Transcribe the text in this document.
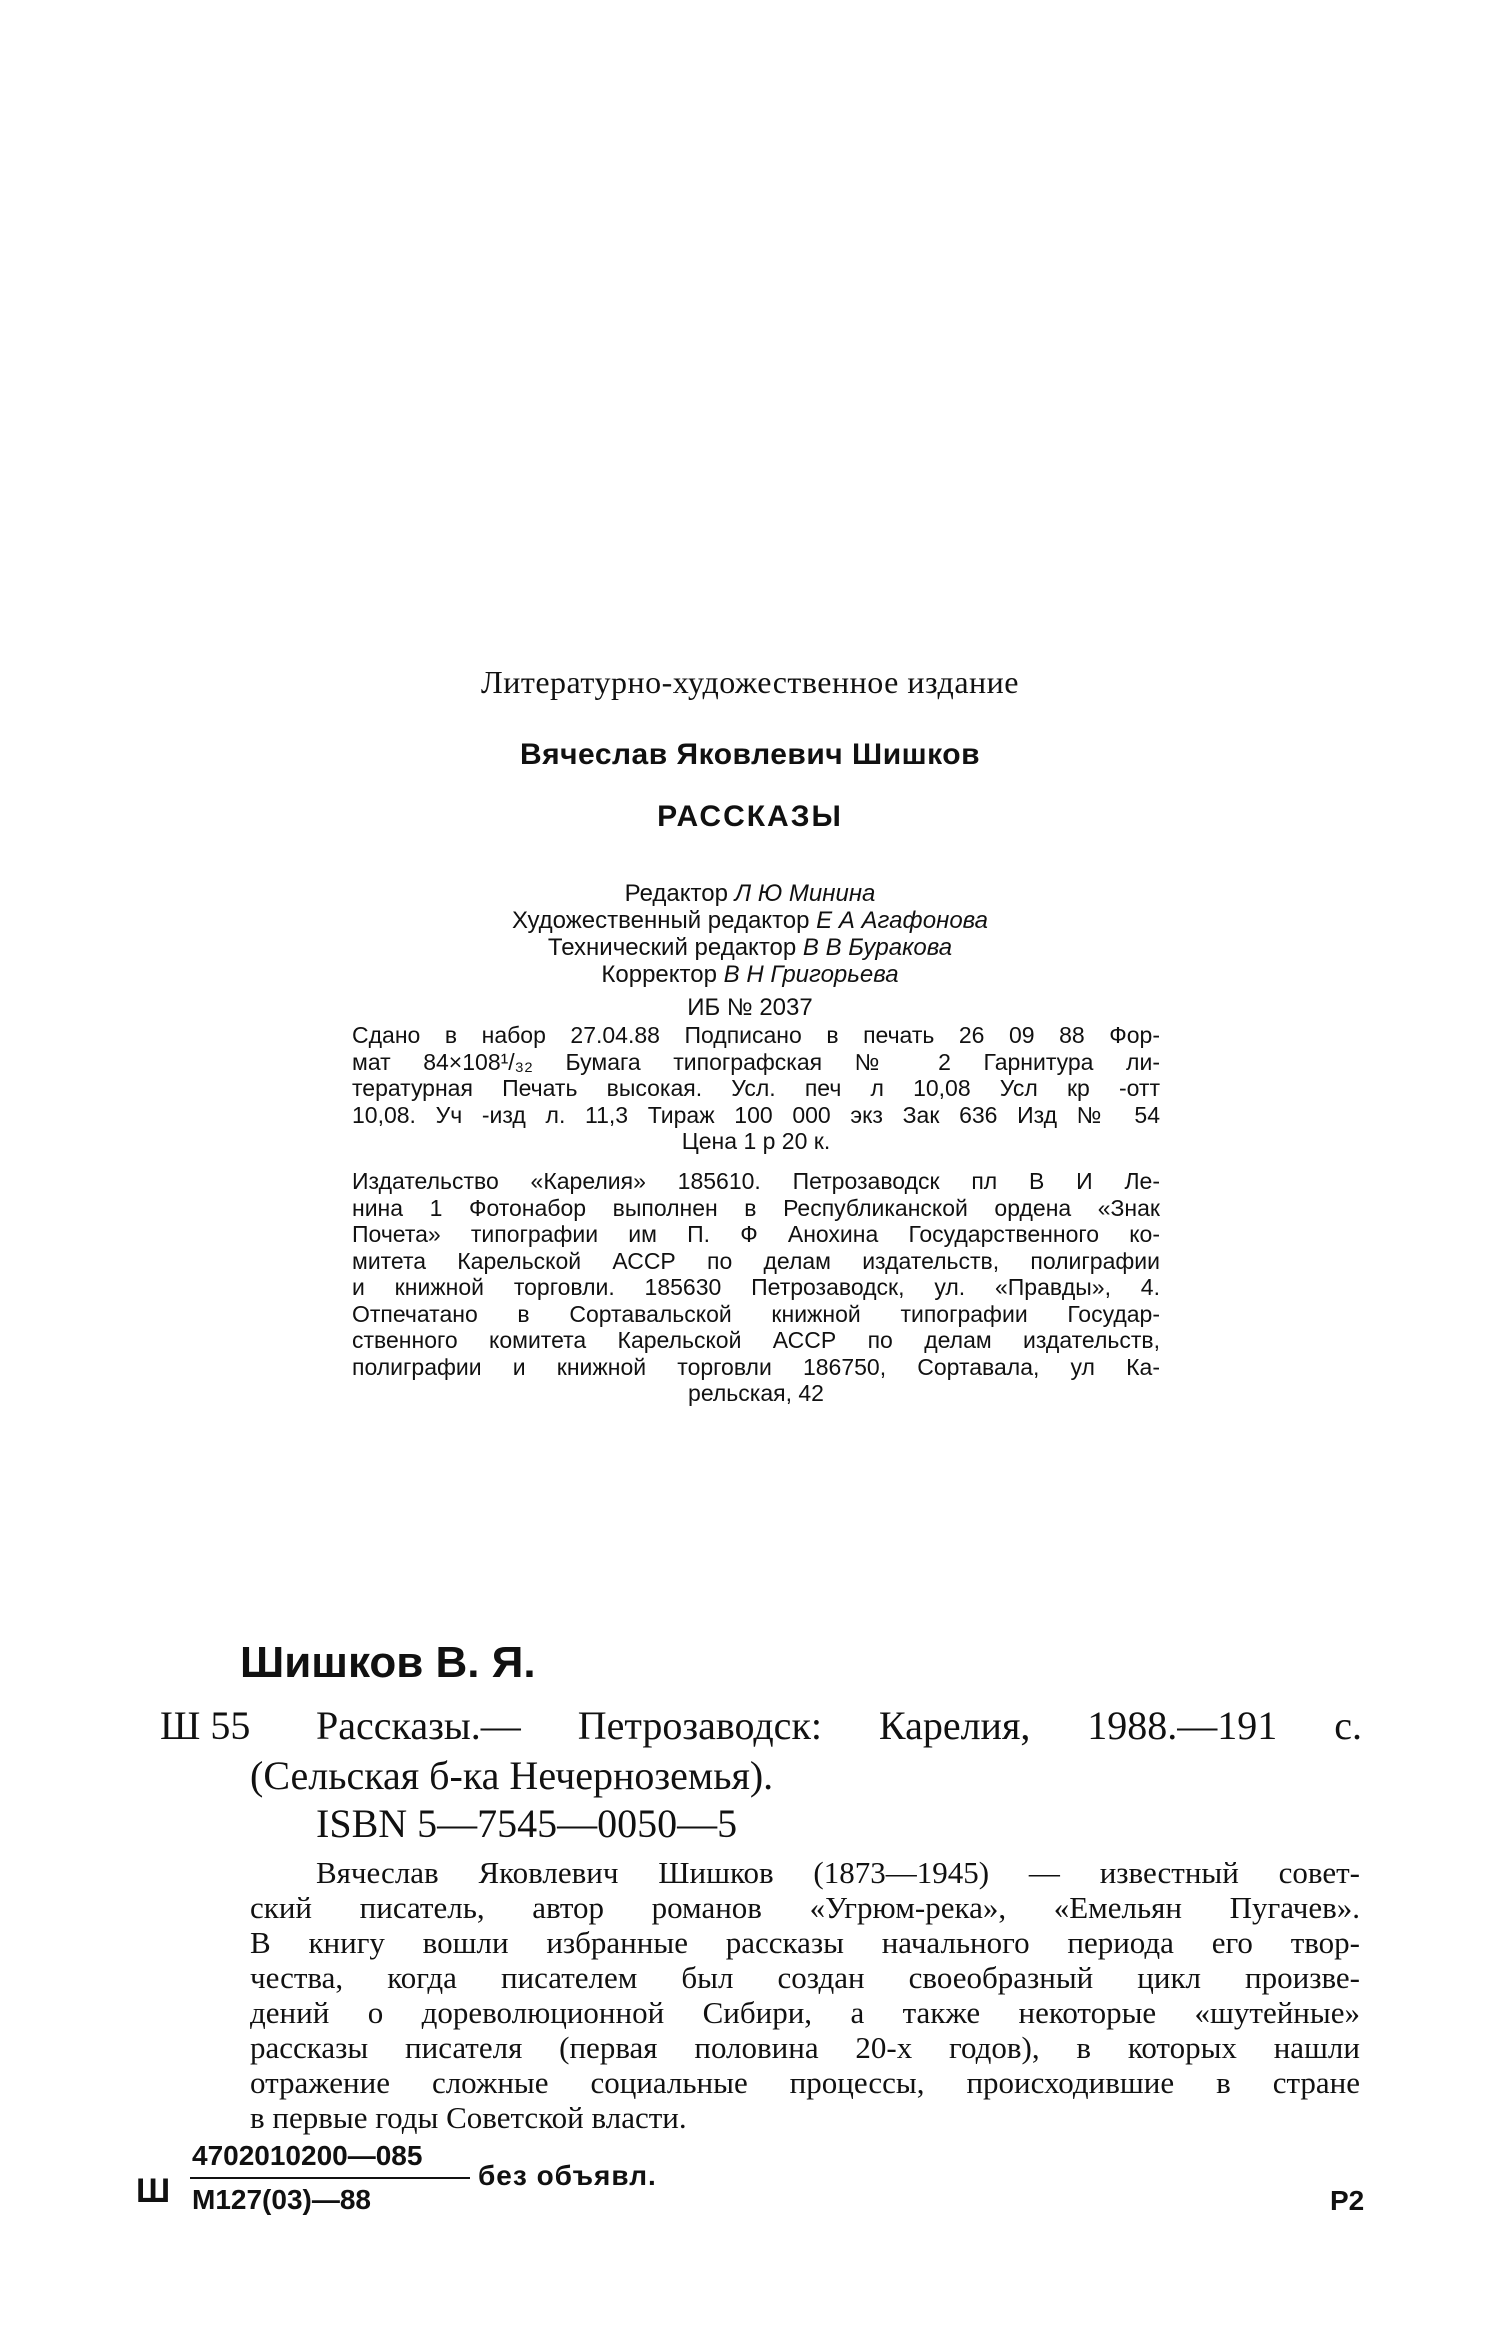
Литературно-художественное издание
Вячеслав Яковлевич Шишков
РАССКАЗЫ
Редактор Л Ю Минина
Художественный редактор Е А Агафонова
Технический редактор В В Буракова
Корректор В Н Григорьева
ИБ № 2037
Сдано в набор 27.04.88 Подписано в печать 26 09 88 Фор-
мат 84×108¹/₃₂ Бумага типографская № 2 Гарнитура ли-
тературная Печать высокая. Усл. печ л 10,08 Усл кр -отт
10,08. Уч -изд л. 11,3 Тираж 100 000 экз Зак 636 Изд № 54
Цена 1 р 20 к.
Издательство «Карелия» 185610. Петрозаводск пл В И Ле-
нина 1 Фотонабор выполнен в Республиканской ордена «Знак
Почета» типографии им П. Ф Анохина Государственного ко-
митета Карельской АССР по делам издательств, полиграфии
и книжной торговли. 185630 Петрозаводск, ул. «Правды», 4.
Отпечатано в Сортавальской книжной типографии Государ-
ственного комитета Карельской АССР по делам издательств,
полиграфии и книжной торговли 186750, Сортавала, ул Ка-
рельская, 42
Шишков В. Я.
Ш 55 Рассказы.— Петрозаводск: Карелия, 1988.—191 с.
(Сельская б-ка Нечерноземья).
ISBN 5—7545—0050—5
Вячеслав Яковлевич Шишков (1873—1945) — известный совет-
ский писатель, автор романов «Угрюм-река», «Емельян Пугачев».
В книгу вошли избранные рассказы начального периода его твор-
чества, когда писателем был создан своеобразный цикл произве-
дений о дореволюционной Сибири, а также некоторые «шутейные»
рассказы писателя (первая половина 20-х годов), в которых нашли
отражение сложные социальные процессы, происходившие в стране
в первые годы Советской власти.
Ш
4702010200—085
М127(03)—88
без объявл.
Р2
